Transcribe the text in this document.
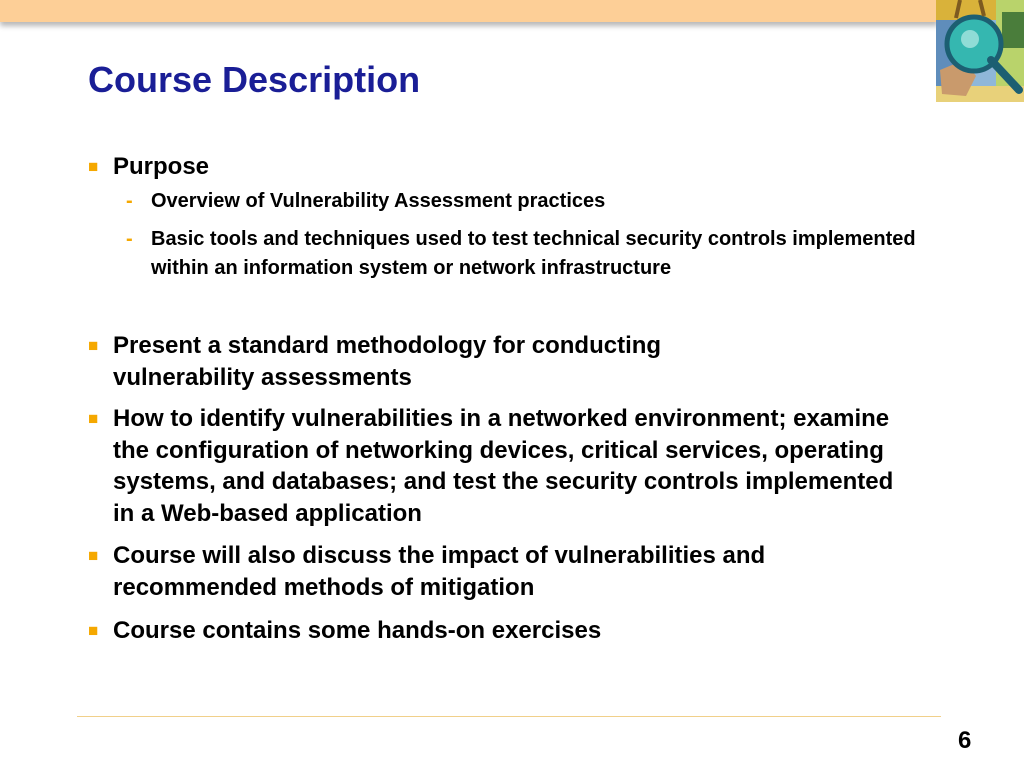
Course Description
■ Purpose
- Overview of Vulnerability Assessment practices
- Basic tools and techniques used to test technical security controls implemented within an information system or network infrastructure
■ Present a standard methodology for conducting vulnerability assessments
■ How to identify vulnerabilities in a networked environment; examine the configuration of networking devices, critical services, operating systems, and databases; and test the security controls implemented in a Web-based application
■ Course will also discuss the impact of vulnerabilities and recommended methods of mitigation
■ Course contains some hands-on exercises
6
